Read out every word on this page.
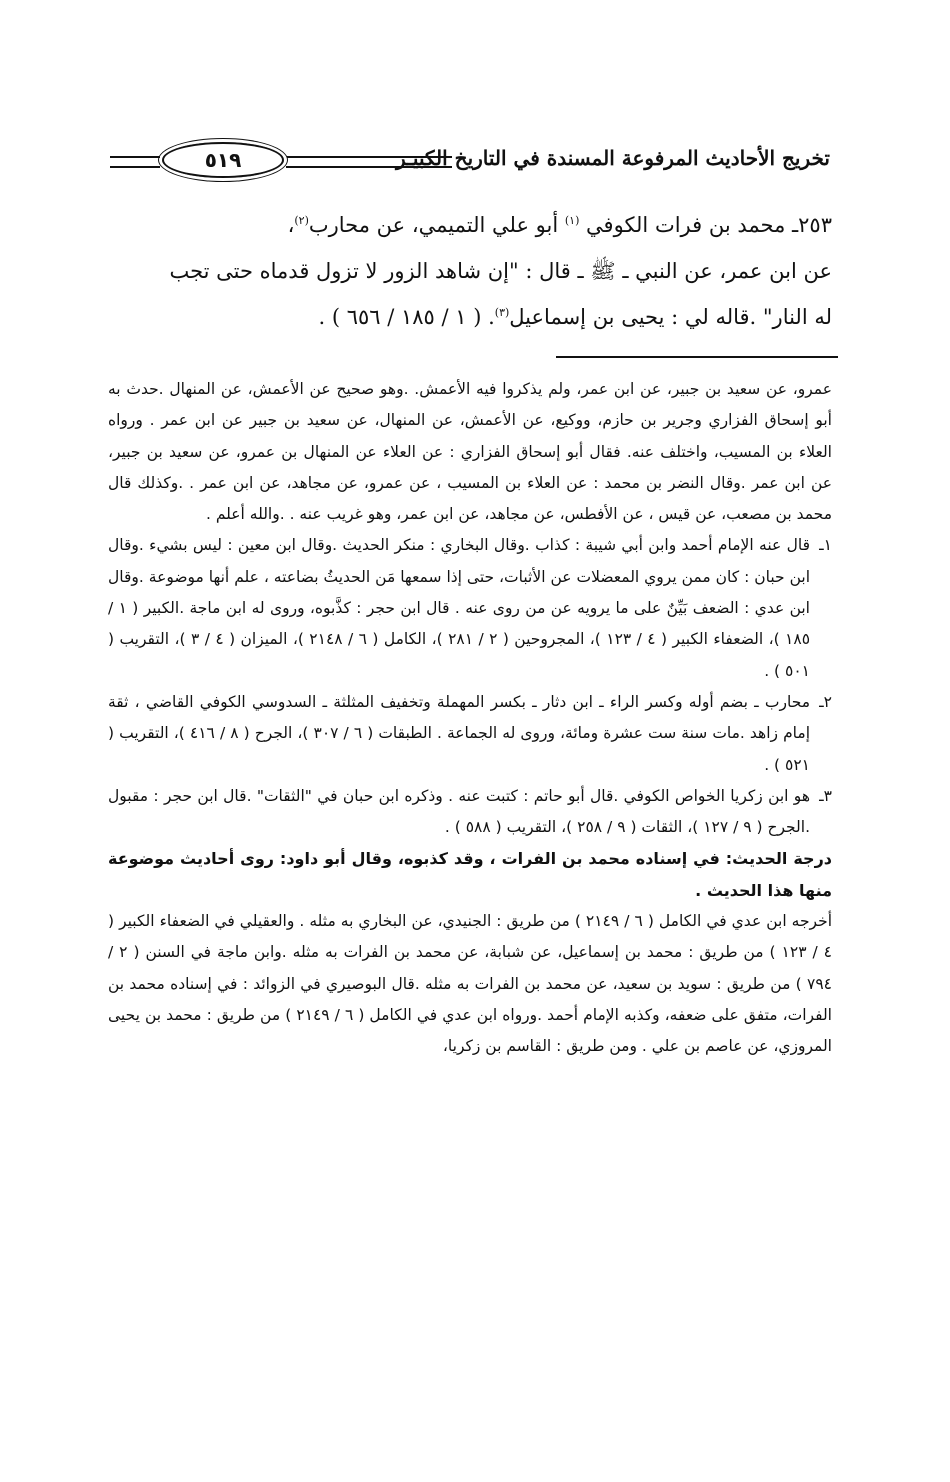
تخريج الأحاديث المرفوعة المسندة في التاريخ الكبيـر
٥١٩

٢٥٣ـ محمد بن فرات الكوفي $^{(١)}$ أبو علي التميمي، عن محارب$^{(٢)}$،

عن ابن عمر، عن النبي ـ ﷺ ـ قال : "إن شاهد الزور لا تزول قدماه حتى تجب

له النار" .قاله لي : يحيى بن إسماعيل$^{(٣)}$. ( ١ / ١٨٥ / ٦٥٦ ) .

عمرو، عن سعيد بن جبير، عن ابن عمر، ولم يذكروا فيه الأعمش. .وهو صحيح عن الأعمش، عن المنهال .حدث به أبو إسحاق الفزاري وجرير بن حازم، ووكيع، عن الأعمش، عن المنهال، عن سعيد بن جبير عن ابن عمر . ورواه العلاء بن المسيب، واختلف عنه. فقال أبو إسحاق الفزاري : عن العلاء عن المنهال بن عمرو، عن سعيد بن جبير، عن ابن عمر .وقال النضر بن محمد : عن العلاء بن المسيب ، عن عمرو، عن مجاهد، عن ابن عمر . .وكذلك قال محمد بن مصعب، عن قيس ، عن الأفطس، عن مجاهد، عن ابن عمر، وهو غريب عنه . .والله أعلم .

١ـ
قال عنه الإمام أحمد وابن أبي شيبة : كذاب .وقال البخاري : منكر الحديث .وقال ابن معين : ليس بشيء .وقال ابن حبان : كان ممن يروي المعضلات عن الأثبات، حتى إذا سمعها مَن الحديثُ بضاعته ، علم أنها موضوعة .وقال ابن عدي : الضعف بَيِّنٌ على ما يرويه عن من روى عنه . قال ابن حجر : كذَّبوه، وروى له ابن ماجة .الكبير ( ١ / ١٨٥ )، الضعفاء الكبير ( ٤ / ١٢٣ )، المجروحين ( ٢ / ٢٨١ )، الكامل ( ٦ / ٢١٤٨ )، الميزان ( ٤ / ٣ )، التقريب ( ٥٠١ ) .
٢ـ
محارب ـ بضم أوله وكسر الراء ـ ابن دثار ـ بكسر المهملة وتخفيف المثلثة ـ السدوسي الكوفي القاضي ، ثقة إمام زاهد .مات سنة ست عشرة ومائة، وروى له الجماعة . الطبقات ( ٦ / ٣٠٧ )، الجرح ( ٨ / ٤١٦ )، التقريب ( ٥٢١ ) .
٣ـ
هو ابن زكريا الخواص الكوفي .قال أبو حاتم : كتبت عنه . وذكره ابن حبان في "الثقات" .قال ابن حجر : مقبول .الجرح ( ٩ / ١٢٧ )، الثقات ( ٩ / ٢٥٨ )، التقريب ( ٥٨٨ ) .

درجة الحديث: في إسناده محمد بن الفرات ، وقد كذبوه، وقال أبو داود: روى أحاديث موضوعة منها هذا الحديث .

أخرجه ابن عدي في الكامل ( ٦ / ٢١٤٩ ) من طريق : الجنيدي، عن البخاري به مثله . والعقيلي في الضعفاء الكبير ( ٤ / ١٢٣ ) من طريق : محمد بن إسماعيل، عن شبابة، عن محمد بن الفرات به مثله .وابن ماجة في السنن ( ٢ / ٧٩٤ ) من طريق : سويد بن سعيد، عن محمد بن الفرات به مثله .قال البوصيري في الزوائد : في إسناده محمد بن الفرات، متفق على ضعفه، وكذبه الإمام أحمد .ورواه ابن عدي في الكامل ( ٦ / ٢١٤٩ ) من طريق : محمد بن يحيى المروزي، عن عاصم بن علي . ومن طريق : القاسم بن زكريا،
